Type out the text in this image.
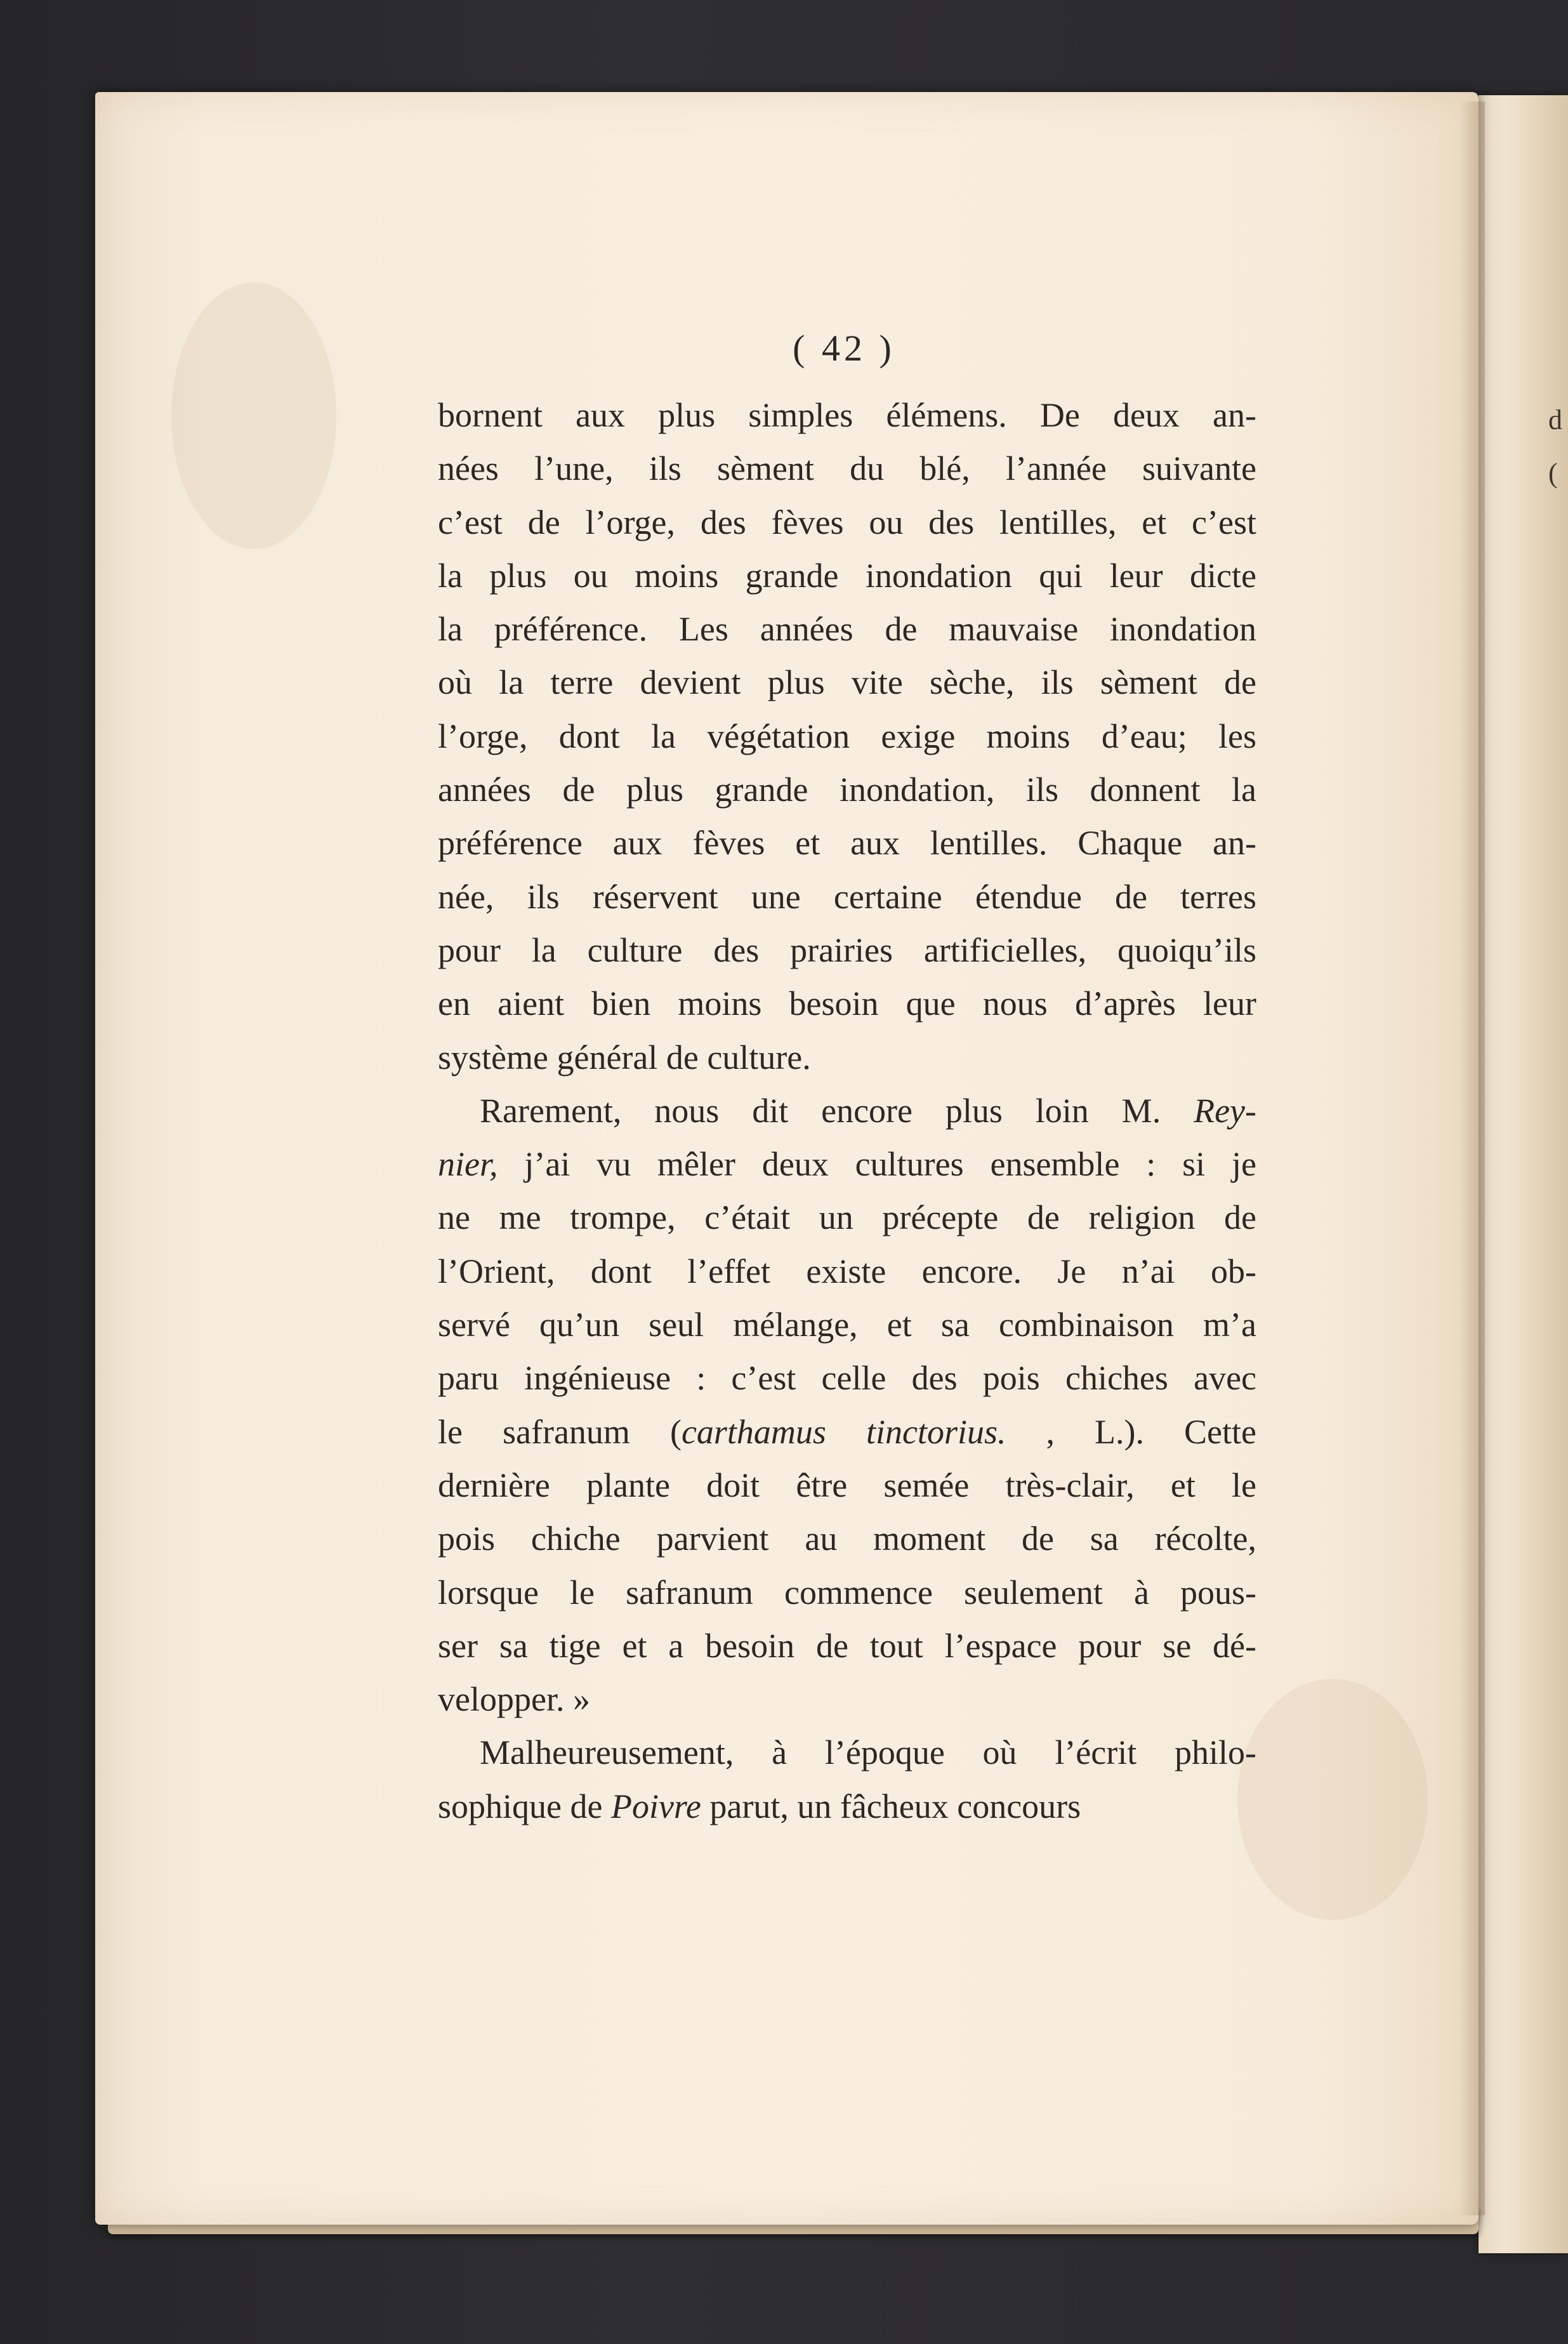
d
(
( 42 )
bornent aux plus simples élémens. De deux an-
nées l’une, ils sèment du blé, l’année suivante
c’est de l’orge, des fèves ou des lentilles, et c’est
la plus ou moins grande inondation qui leur dicte
la préférence. Les années de mauvaise inondation
où la terre devient plus vite sèche, ils sèment de
l’orge, dont la végétation exige moins d’eau; les
années de plus grande inondation, ils donnent la
préférence aux fèves et aux lentilles. Chaque an-
née, ils réservent une certaine étendue de terres
pour la culture des prairies artificielles, quoiqu’ils
en aient bien moins besoin que nous d’après leur
système général de culture.
Rarement, nous dit encore plus loin M. Rey-
nier, j’ai vu mêler deux cultures ensemble : si je
ne me trompe, c’était un précepte de religion de
l’Orient, dont l’effet existe encore. Je n’ai ob-
servé qu’un seul mélange, et sa combinaison m’a
paru ingénieuse : c’est celle des pois chiches avec
le safranum (carthamus tinctorius. , L.). Cette
dernière plante doit être semée très-clair, et le
pois chiche parvient au moment de sa récolte,
lorsque le safranum commence seulement à pous-
ser sa tige et a besoin de tout l’espace pour se dé-
velopper. »
Malheureusement, à l’époque où l’écrit philo-
sophique de Poivre parut, un fâcheux concours
